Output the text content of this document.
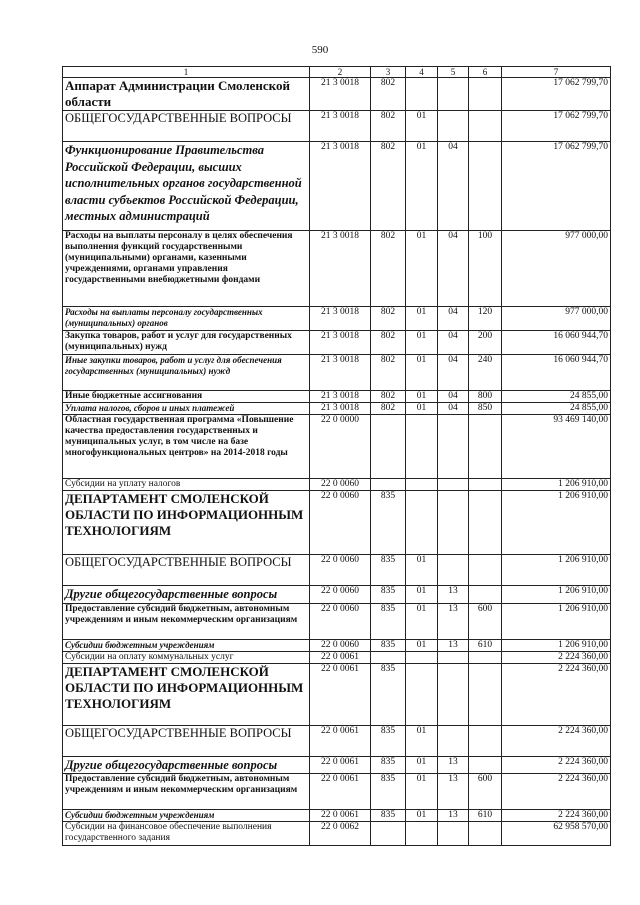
590
1	2	3	4	5	6	7
Аппарат Администрации Смоленской области	21 3 0018	802				17 062 799,70
ОБЩЕГОСУДАРСТВЕННЫЕ ВОПРОСЫ	21 3 0018	802	01			17 062 799,70
Функционирование Правительства Российской Федерации, высших исполнительных органов государственной власти субъектов Российской Федерации, местных администраций	21 3 0018	802	01	04		17 062 799,70
Расходы на выплаты персоналу в целях обеспечения выполнения функций государственными (муниципальными) органами, казенными учреждениями, органами управления государственными внебюджетными фондами	21 3 0018	802	01	04	100	977 000,00
Расходы на выплаты персоналу государственных (муниципальных) органов	21 3 0018	802	01	04	120	977 000,00
Закупка товаров, работ и услуг для государственных (муниципальных) нужд	21 3 0018	802	01	04	200	16 060 944,70
Иные закупки товаров, работ и услуг для обеспечения государственных (муниципальных) нужд	21 3 0018	802	01	04	240	16 060 944,70
Иные бюджетные ассигнования	21 3 0018	802	01	04	800	24 855,00
Уплата налогов, сборов и иных платежей	21 3 0018	802	01	04	850	24 855,00
Областная государственная программа «Повышение качества предоставления государственных и муниципальных услуг, в том числе на базе многофункциональных центров» на 2014-2018 годы	22 0 0000					93 469 140,00
Субсидии на уплату налогов	22 0 0060					1 206 910,00
ДЕПАРТАМЕНТ СМОЛЕНСКОЙ ОБЛАСТИ ПО ИНФОРМАЦИОННЫМ ТЕХНОЛОГИЯМ	22 0 0060	835				1 206 910,00
ОБЩЕГОСУДАРСТВЕННЫЕ ВОПРОСЫ	22 0 0060	835	01			1 206 910,00
Другие общегосударственные вопросы	22 0 0060	835	01	13		1 206 910,00
Предоставление субсидий бюджетным, автономным учреждениям и иным некоммерческим организациям	22 0 0060	835	01	13	600	1 206 910,00
Субсидии бюджетным учреждениям	22 0 0060	835	01	13	610	1 206 910,00
Субсидии на оплату коммунальных услуг	22 0 0061					2 224 360,00
ДЕПАРТАМЕНТ СМОЛЕНСКОЙ ОБЛАСТИ ПО ИНФОРМАЦИОННЫМ ТЕХНОЛОГИЯМ	22 0 0061	835				2 224 360,00
ОБЩЕГОСУДАРСТВЕННЫЕ ВОПРОСЫ	22 0 0061	835	01			2 224 360,00
Другие общегосударственные вопросы	22 0 0061	835	01	13		2 224 360,00
Предоставление субсидий бюджетным, автономным учреждениям и иным некоммерческим организациям	22 0 0061	835	01	13	600	2 224 360,00
Субсидии бюджетным учреждениям	22 0 0061	835	01	13	610	2 224 360,00
Субсидии на финансовое обеспечение выполнения государственного задания	22 0 0062					62 958 570,00
